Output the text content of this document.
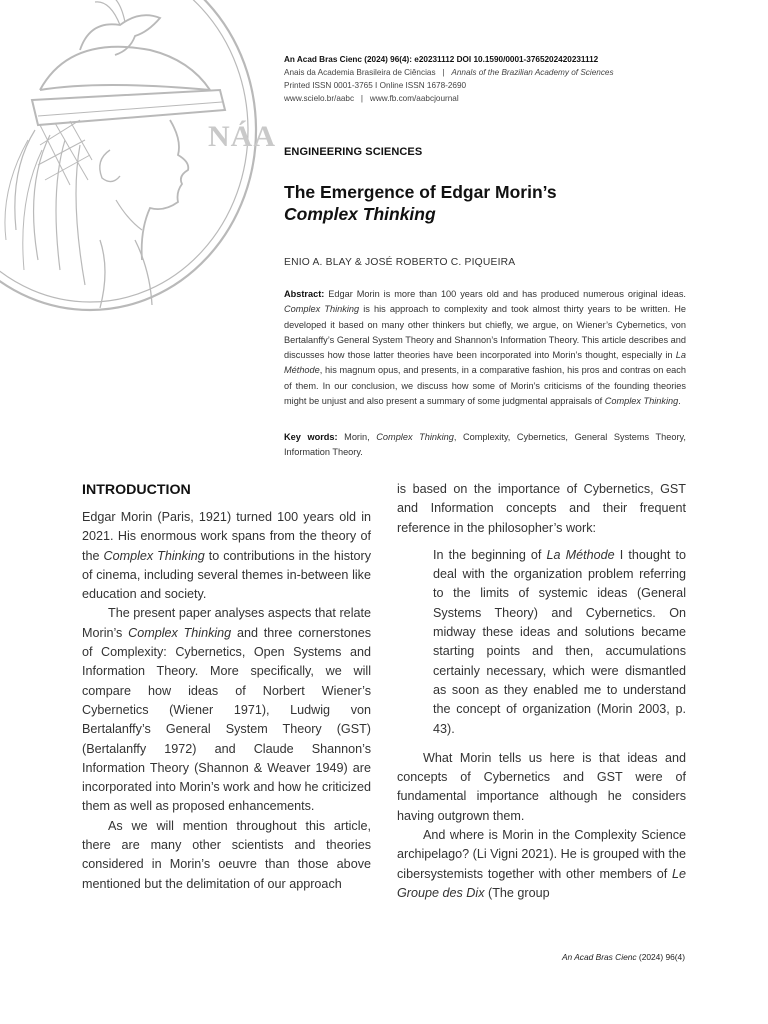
NÁA
An Acad Bras Cienc (2024) 96(4): e20231112 DOI 10.1590/0001-3765202420231112
Anais da Academia Brasileira de Ciências | Annals of the Brazilian Academy of Sciences
Printed ISSN 0001-3765 I Online ISSN 1678-2690
www.scielo.br/aabc | www.fb.com/aabcjournal
ENGINEERING SCIENCES
The Emergence of Edgar Morin’s
Complex Thinking
ENIO A. BLAY & JOSÉ ROBERTO C. PIQUEIRA
Abstract: Edgar Morin is more than 100 years old and has produced numerous original ideas. Complex Thinking is his approach to complexity and took almost thirty years to be written. He developed it based on many other thinkers but chiefly, we argue, on Wiener’s Cybernetics, von Bertalanffy’s General System Theory and Shannon’s Information Theory. This article describes and discusses how those latter theories have been incorporated into Morin’s thought, especially in La Méthode, his magnum opus, and presents, in a comparative fashion, his pros and contras on each of them. In our conclusion, we discuss how some of Morin’s criticisms of the founding theories might be unjust and also present a summary of some judgmental appraisals of Complex Thinking.
Key words: Morin, Complex Thinking, Complexity, Cybernetics, General Systems Theory, Information Theory.
INTRODUCTION

Edgar Morin (Paris, 1921) turned 100 years old in 2021. His enormous work spans from the theory of the Complex Thinking to contributions in the history of cinema, including several themes in-between like education and society.

The present paper analyses aspects that relate Morin’s Complex Thinking and three cornerstones of Complexity: Cybernetics, Open Systems and Information Theory. More specifically, we will compare how ideas of Norbert Wiener’s Cybernetics (Wiener 1971), Ludwig von Bertalanffy’s General System Theory (GST) (Bertalanffy 1972) and Claude Shannon’s Information Theory (Shannon & Weaver 1949) are incorporated into Morin’s work and how he criticized them as well as proposed enhancements.

As we will mention throughout this article, there are many other scientists and theories considered in Morin’s oeuvre than those above mentioned but the delimitation of our approach

is based on the importance of Cybernetics, GST and Information concepts and their frequent reference in the philosopher’s work:

In the beginning of La Méthode I thought to deal with the organization problem referring to the limits of systemic ideas (General Systems Theory) and Cybernetics. On midway these ideas and solutions became starting points and then, accumulations certainly necessary, which were dismantled as soon as they enabled me to understand the concept of organization (Morin 2003, p. 43).

What Morin tells us here is that ideas and concepts of Cybernetics and GST were of fundamental importance although he considers having outgrown them.

And where is Morin in the Complexity Science archipelago? (Li Vigni 2021). He is grouped with the cibersystemists together with other members of Le Groupe des Dix (The group

An Acad Bras Cienc (2024) 96(4)
